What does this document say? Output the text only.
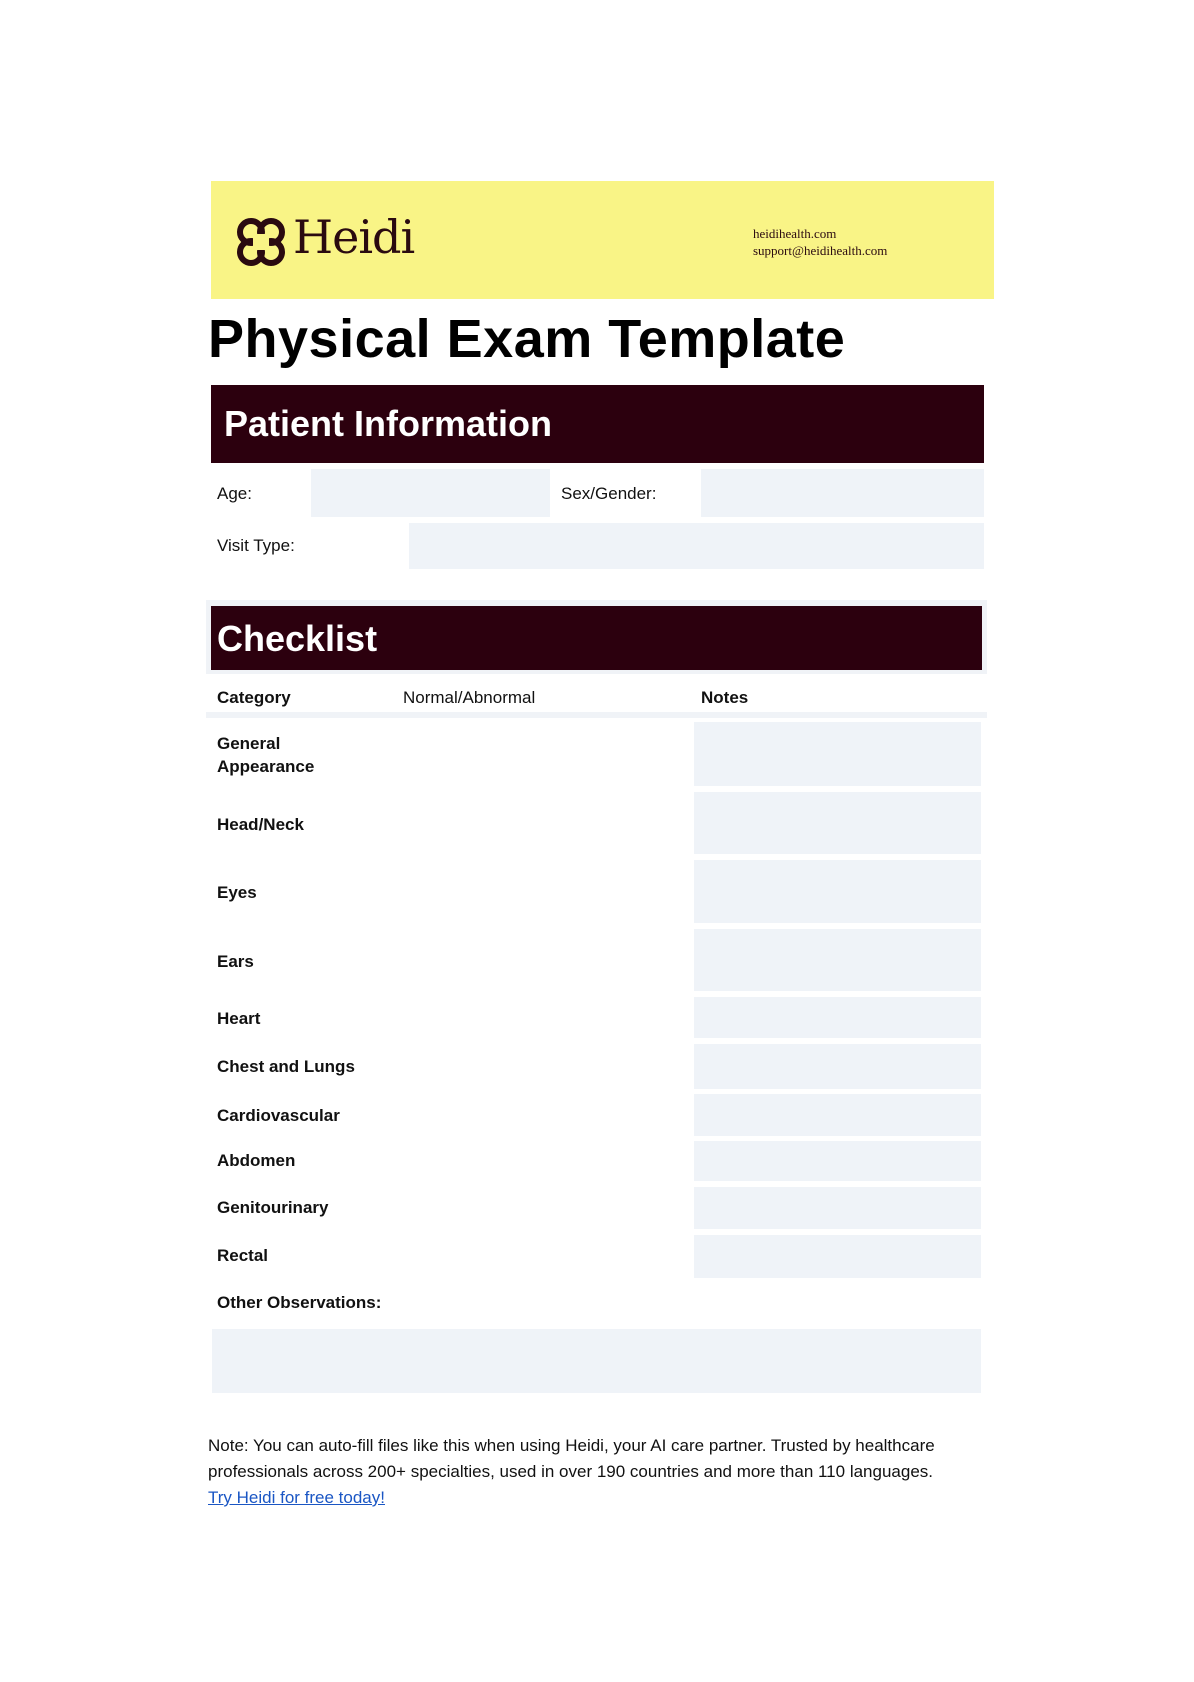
Heidi	heidihealth.com
support@heidihealth.com
Physical Exam Template
Patient Information
Age:	Sex/Gender:
Visit Type:
Checklist
Category	Normal/Abnormal	Notes
General Appearance
Head/Neck
Eyes
Ears
Heart
Chest and Lungs
Cardiovascular
Abdomen
Genitourinary
Rectal
Other Observations:
Note: You can auto-fill files like this when using Heidi, your AI care partner. Trusted by healthcare professionals across 200+ specialties, used in over 190 countries and more than 110 languages.
Try Heidi for free today!
